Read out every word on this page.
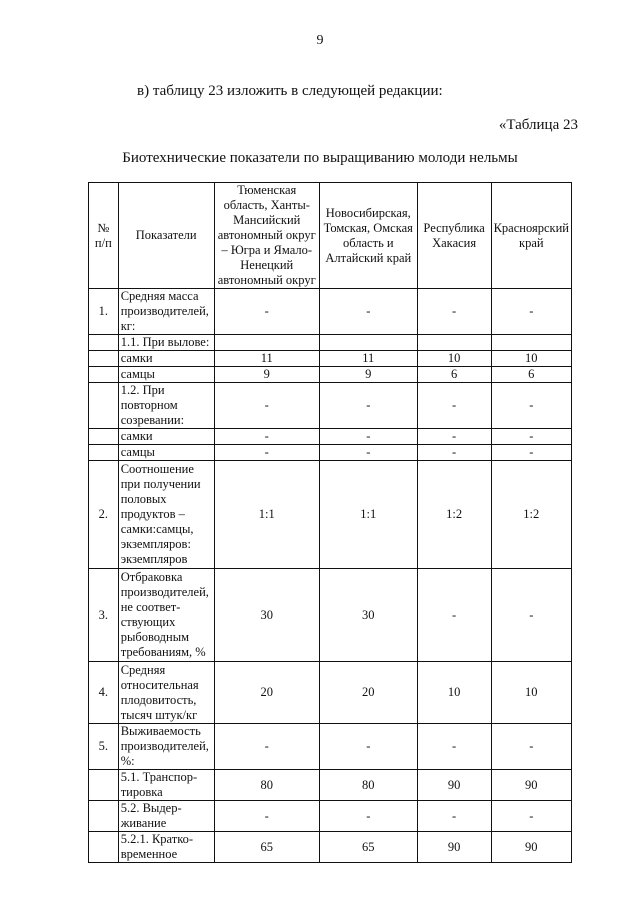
9
в) таблицу 23 изложить в следующей редакции:
«Таблица 23
Биотехнические показатели по выращиванию молоди нельмы
№ п/п	Показатели	Тюменская область, Ханты-Мансийский автономный округ – Югра и Ямало-Ненецкий автономный округ	Новосибирская, Томская, Омская область и Алтайский край	Республика Хакасия	Красноярский край
1.	Средняя масса производителей, кг:	-	-	-	-
	1.1. При вылове:				
	самки	11	11	10	10
	самцы	9	9	6	6
	1.2. При повторном созревании:	-	-	-	-
	самки	-	-	-	-
	самцы	-	-	-	-
2.	Соотношение при получении половых продуктов – самки:самцы, экземпляров: экземпляров	1:1	1:1	1:2	1:2
3.	Отбраковка производителей, не соответ-ствующих рыбоводным требованиям, %	30	30	-	-
4.	Средняя относительная плодовитость, тысяч штук/кг	20	20	10	10
5.	Выживаемость производителей, %:	-	-	-	-
	5.1. Транспор-тировка	80	80	90	90
	5.2. Выдер-живание	-	-	-	-
	5.2.1. Кратко-временное	65	65	90	90
